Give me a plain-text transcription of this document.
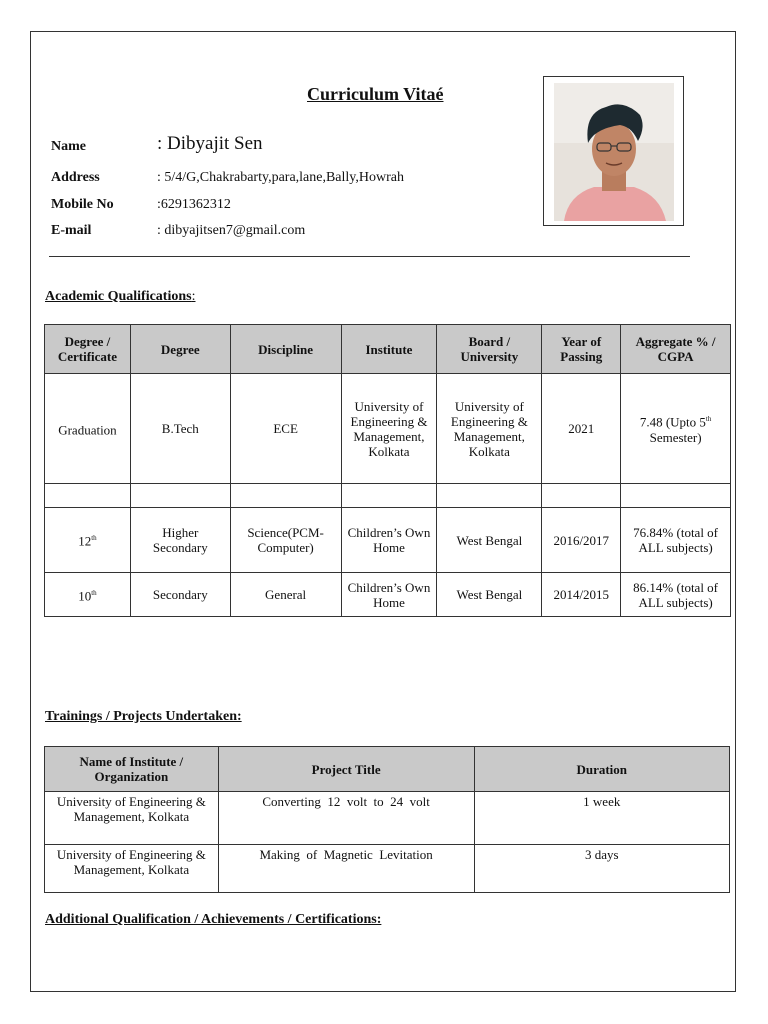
Curriculum Vitaé
Name	: Dibyajit Sen
Address	: 5/4/G,Chakrabarty,para,lane,Bally,Howrah
Mobile No	:6291362312
E-mail	: dibyajitsen7@gmail.com
Academic Qualifications:
Degree / Certificate	Degree	Discipline	Institute	Board / University	Year of Passing	Aggregate % / CGPA
Graduation	B.Tech	ECE	University of Engineering & Management, Kolkata	University of Engineering & Management, Kolkata	2021	7.48 (Upto 5th Semester)

12th	Higher Secondary	Science(PCM-Computer)	Children’s Own Home	West Bengal	2016/2017	76.84% (total of ALL subjects)
10th	Secondary	General	Children’s Own Home	West Bengal	2014/2015	86.14% (total of ALL subjects)
Trainings / Projects Undertaken:
Name of Institute / Organization	Project Title	Duration
University of Engineering & Management, Kolkata	Converting  12  volt  to  24  volt	1 week
University of Engineering & Management, Kolkata	Making  of  Magnetic  Levitation	3 days
Additional Qualification / Achievements / Certifications:
